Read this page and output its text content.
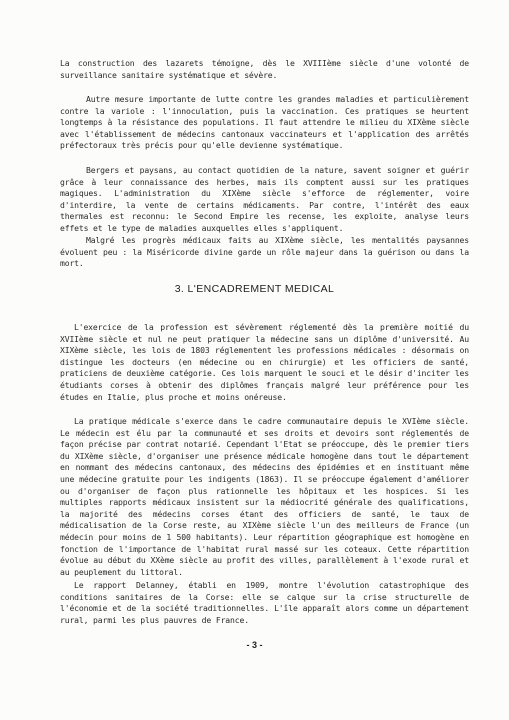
La construction des lazarets témoigne, dès le XVIIIème siècle d'une volonté de surveillance sanitaire systématique et sévère.
Autre mesure importante de lutte contre les grandes maladies et particulièrement contre la variole : l'innoculation, puis la vaccination. Ces pratiques se heurtent longtemps à la résistance des populations. Il faut attendre le milieu du XIXème siècle avec l'établissement de médecins cantonaux vaccinateurs et l'application des arrêtés préfectoraux très précis pour qu'elle devienne systématique.
Bergers et paysans, au contact quotidien de la nature, savent soigner et guérir grâce à leur connaissance des herbes, mais ils comptent aussi sur les pratiques magiques. L'administration du XIXème siècle s'efforce de réglementer, voire d'interdire, la vente de certains médicaments. Par contre, l'intérêt des eaux thermales est reconnu: le Second Empire les recense, les exploite, analyse leurs effets et le type de maladies auxquelles elles s'appliquent.
Malgré les progrès médicaux faits au XIXème siècle, les mentalités paysannes évoluent peu : la Miséricorde divine garde un rôle majeur dans la guérison ou dans la mort.
3. L'ENCADREMENT MEDICAL
L'exercice de la profession est sévèrement réglementé dès la première moitié du XVIIème siècle et nul ne peut pratiquer la médecine sans un diplôme d'université. Au XIXème siècle, les lois de 1803 réglementent les professions médicales : désormais on distingue les docteurs (en médecine ou en chirurgie) et les officiers de santé, praticiens de deuxième catégorie. Ces lois marquent le souci et le désir d'inciter les étudiants corses à obtenir des diplômes français malgré leur préférence pour les études en Italie, plus proche et moins onéreuse.
La pratique médicale s'exerce dans le cadre communautaire depuis le XVIème siècle. Le médecin est élu par la communauté et ses droits et devoirs sont réglementés de façon précise par contrat notarié. Cependant l'Etat se préoccupe, dès le premier tiers du XIXème siècle, d'organiser une présence médicale homogène dans tout le département en nommant des médecins cantonaux, des médecins des épidémies et en instituant même une médecine gratuite pour les indigents (1863). Il se préoccupe également d'améliorer ou d'organiser de façon plus rationnelle les hôpitaux et les hospices. Si les multiples rapports médicaux insistent sur la médiocrité générale des qualifications, la majorité des médecins corses étant des officiers de santé, le taux de médicalisation de la Corse reste, au XIXème siècle l'un des meilleurs de France (un médecin pour moins de 1 500 habitants). Leur répartition géographique est homogène en fonction de l'importance de l'habitat rural massé sur les coteaux. Cette répartition évolue au début du XXème siècle au profit des villes, parallèlement à l'exode rural et au peuplement du littoral.
Le rapport Delanney, établi en 1909, montre l'évolution catastrophique des conditions sanitaires de la Corse: elle se calque sur la crise structurelle de l'économie et de la société traditionnelles. L'île apparaît alors comme un département rural, parmi les plus pauvres de France.
- 3 -
